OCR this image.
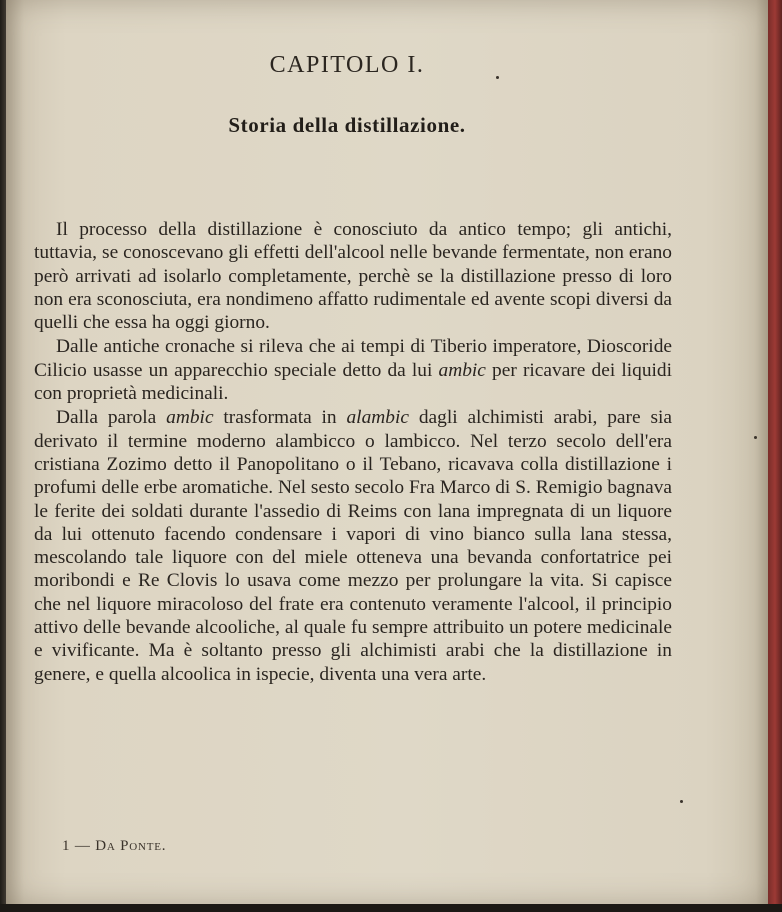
CAPITOLO I.
Storia della distillazione.

Il processo della distillazione è conosciuto da antico tempo; gli antichi, tuttavia, se conoscevano gli effetti dell'alcool nelle bevande fermentate, non erano però arrivati ad isolarlo completamente, perchè se la distillazione presso di loro non era sconosciuta, era nondimeno affatto rudimentale ed avente scopi diversi da quelli che essa ha oggi giorno.

Dalle antiche cronache si rileva che ai tempi di Tiberio imperatore, Dioscoride Cilicio usasse un apparecchio speciale detto da lui ambic per ricavare dei liquidi con proprietà medicinali.

Dalla parola ambic trasformata in alambic dagli alchimisti arabi, pare sia derivato il termine moderno alambicco o lambicco. Nel terzo secolo dell'era cristiana Zozimo detto il Panopolitano o il Tebano, ricavava colla distillazione i profumi delle erbe aromatiche. Nel sesto secolo Fra Marco di S. Remigio bagnava le ferite dei soldati durante l'assedio di Reims con lana impregnata di un liquore da lui ottenuto facendo condensare i vapori di vino bianco sulla lana stessa, mescolando tale liquore con del miele otteneva una bevanda confortatrice pei moribondi e Re Clovis lo usava come mezzo per prolungare la vita. Si capisce che nel liquore miracoloso del frate era contenuto veramente l'alcool, il principio attivo delle bevande alcooliche, al quale fu sempre attribuito un potere medicinale e vivificante. Ma è soltanto presso gli alchimisti arabi che la distillazione in genere, e quella alcoolica in ispecie, diventa una vera arte.

1 — Da Ponte.
